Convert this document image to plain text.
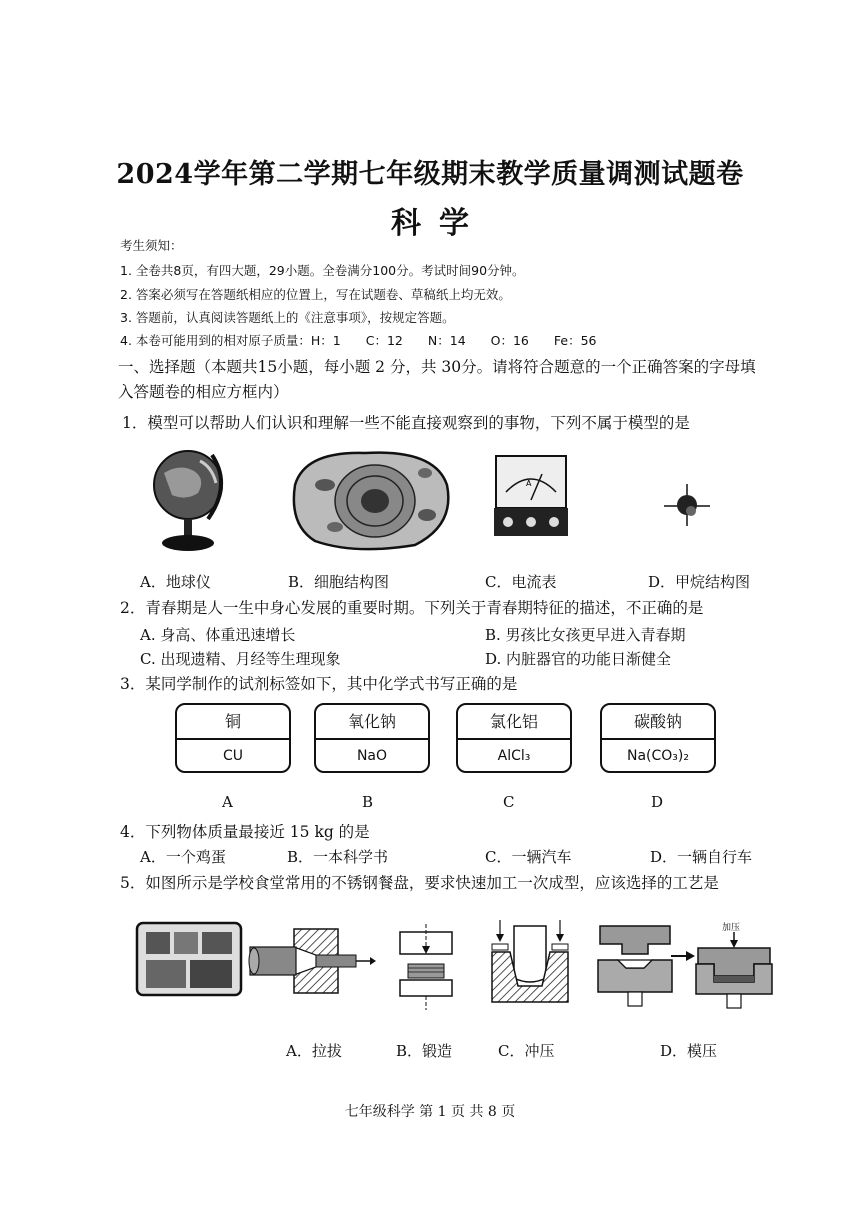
2024学年第二学期七年级期末教学质量调测试题卷
科学
考生须知：
1. 全卷共8页，有四大题，29小题。全卷满分100分。考试时间90分钟。
2. 答案必须写在答题纸相应的位置上，写在试题卷、草稿纸上均无效。
3. 答题前，认真阅读答题纸上的《注意事项》，按规定答题。
4. 本卷可能用到的相对原子质量：H：1　　C：12　　N：14　　O：16　　Fe：56
一、选择题（本题共15小题，每小题 2 分，共 30分。请将符合题意的一个正确答案的字母填
入答题卷的相应方框内）
1．模型可以帮助人们认识和理解一些不能直接观察到的事物，下列不属于模型的是
A
A．地球仪	B．细胞结构图	C．电流表	D．甲烷结构图
2．青春期是人一生中身心发展的重要时期。下列关于青春期特征的描述，不正确的是
A. 身高、体重迅速增长	B. 男孩比女孩更早进入青春期
C. 出现遗精、月经等生理现象	D. 内脏器官的功能日渐健全
3．某同学制作的试剂标签如下，其中化学式书写正确的是
铜
CU
氧化钠
NaO
氯化铝
AlCl₃
碳酸钠
Na(CO₃)₂
A	B	C	D
4．下列物体质量最接近 15 kg 的是
A．一个鸡蛋	B．一本科学书	C．一辆汽车	D．一辆自行车
5．如图所示是学校食堂常用的不锈钢餐盘，要求快速加工一次成型，应该选择的工艺是
加压
A．拉拔	B．锻造	C．冲压	D．模压
七年级科学 第 1 页 共 8 页
